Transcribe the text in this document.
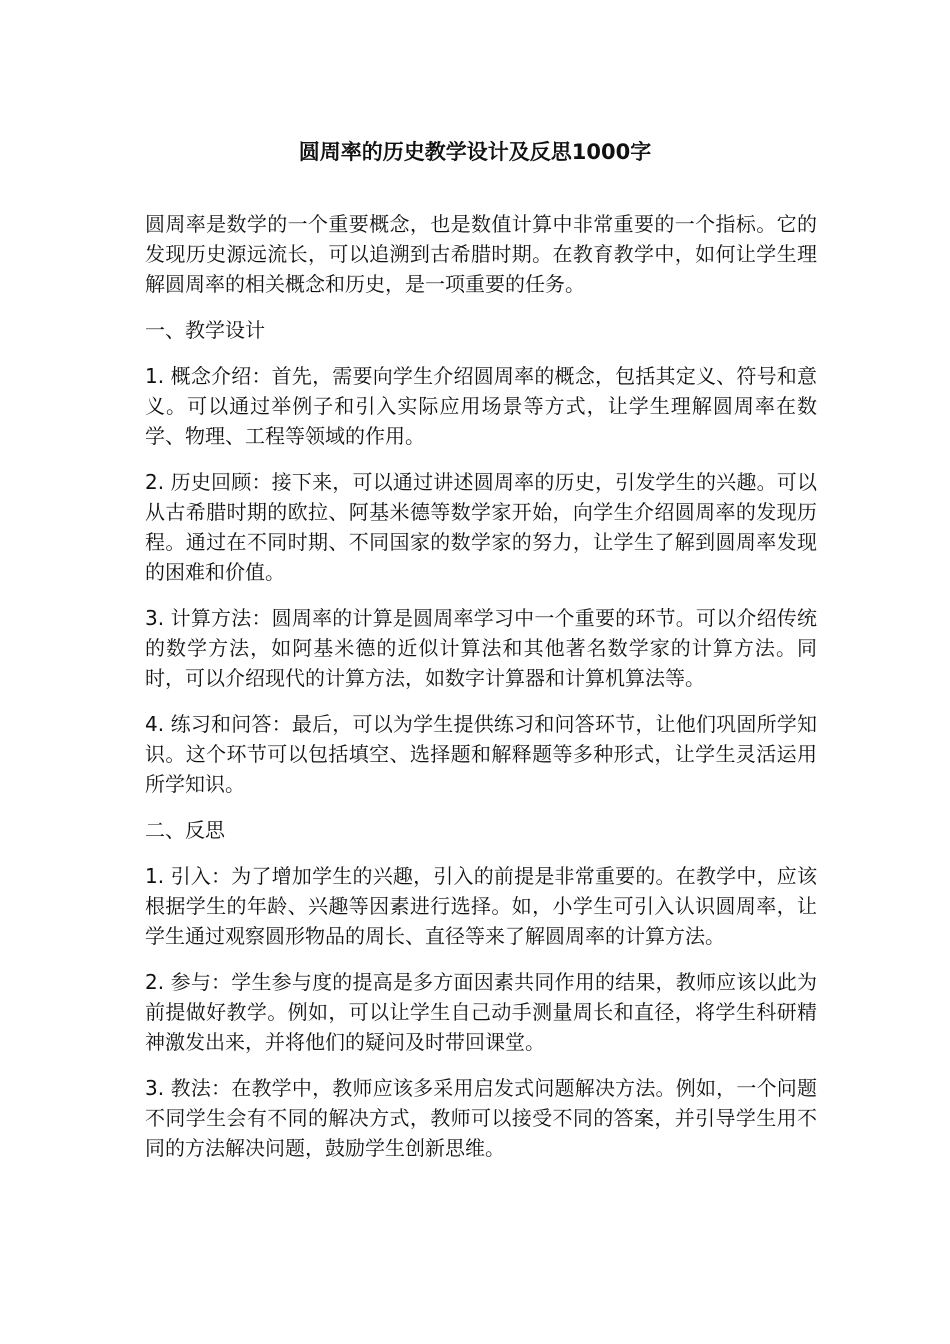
圆周率的历史教学设计及反思1000字

圆周率是数学的一个重要概念，也是数值计算中非常重要的一个指标。它的发现历史源远流长，可以追溯到古希腊时期。在教育教学中，如何让学生理解圆周率的相关概念和历史，是一项重要的任务。

一、教学设计

1. 概念介绍：首先，需要向学生介绍圆周率的概念，包括其定义、符号和意义。可以通过举例子和引入实际应用场景等方式，让学生理解圆周率在数学、物理、工程等领域的作用。

2. 历史回顾：接下来，可以通过讲述圆周率的历史，引发学生的兴趣。可以从古希腊时期的欧拉、阿基米德等数学家开始，向学生介绍圆周率的发现历程。通过在不同时期、不同国家的数学家的努力，让学生了解到圆周率发现的困难和价值。

3. 计算方法：圆周率的计算是圆周率学习中一个重要的环节。可以介绍传统的数学方法，如阿基米德的近似计算法和其他著名数学家的计算方法。同时，可以介绍现代的计算方法，如数字计算器和计算机算法等。

4. 练习和问答：最后，可以为学生提供练习和问答环节，让他们巩固所学知识。这个环节可以包括填空、选择题和解释题等多种形式，让学生灵活运用所学知识。

二、反思

1. 引入：为了增加学生的兴趣，引入的前提是非常重要的。在教学中，应该根据学生的年龄、兴趣等因素进行选择。如，小学生可引入认识圆周率，让学生通过观察圆形物品的周长、直径等来了解圆周率的计算方法。

2. 参与：学生参与度的提高是多方面因素共同作用的结果，教师应该以此为前提做好教学。例如，可以让学生自己动手测量周长和直径，将学生科研精神激发出来，并将他们的疑问及时带回课堂。

3. 教法：在教学中，教师应该多采用启发式问题解决方法。例如，一个问题不同学生会有不同的解决方式，教师可以接受不同的答案，并引导学生用不同的方法解决问题，鼓励学生创新思维。
